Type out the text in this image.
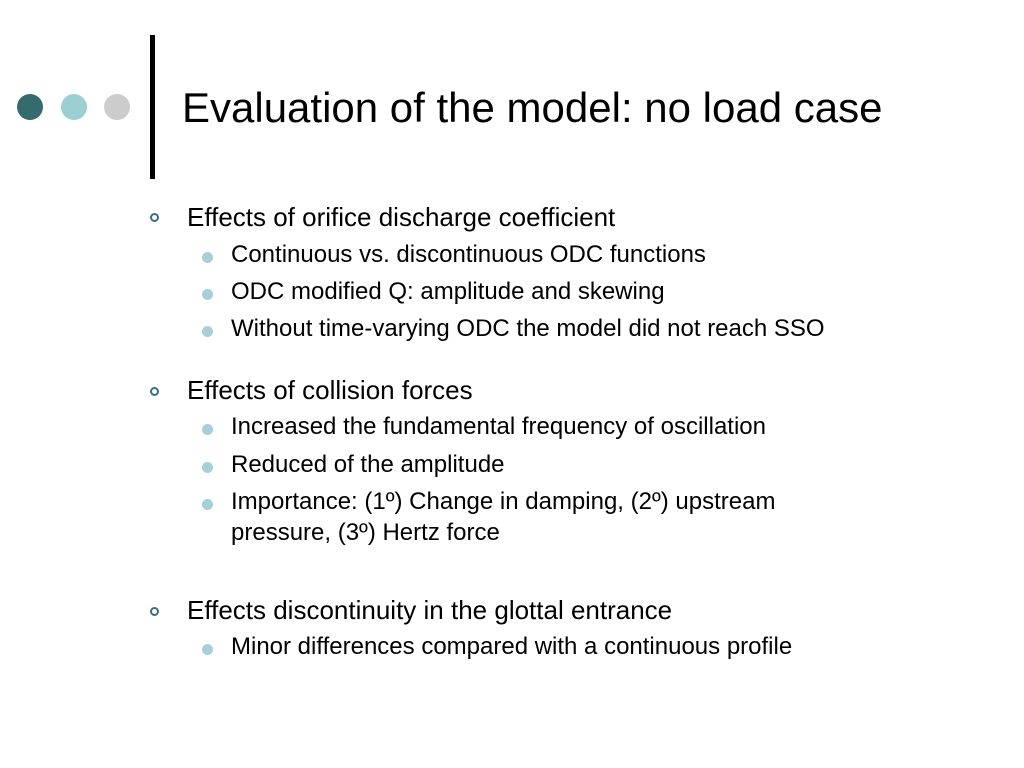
Evaluation of the model: no load case
Effects of orifice discharge coefficient
Continuous vs. discontinuous ODC functions
ODC modified Q: amplitude and skewing
Without time-varying ODC the model did not reach SSO
Effects of collision forces
Increased the fundamental frequency of oscillation
Reduced of the amplitude
Importance: (1º) Change in damping, (2º) upstream
pressure, (3º) Hertz force
Effects discontinuity in the glottal entrance
Minor differences compared with a continuous profile
